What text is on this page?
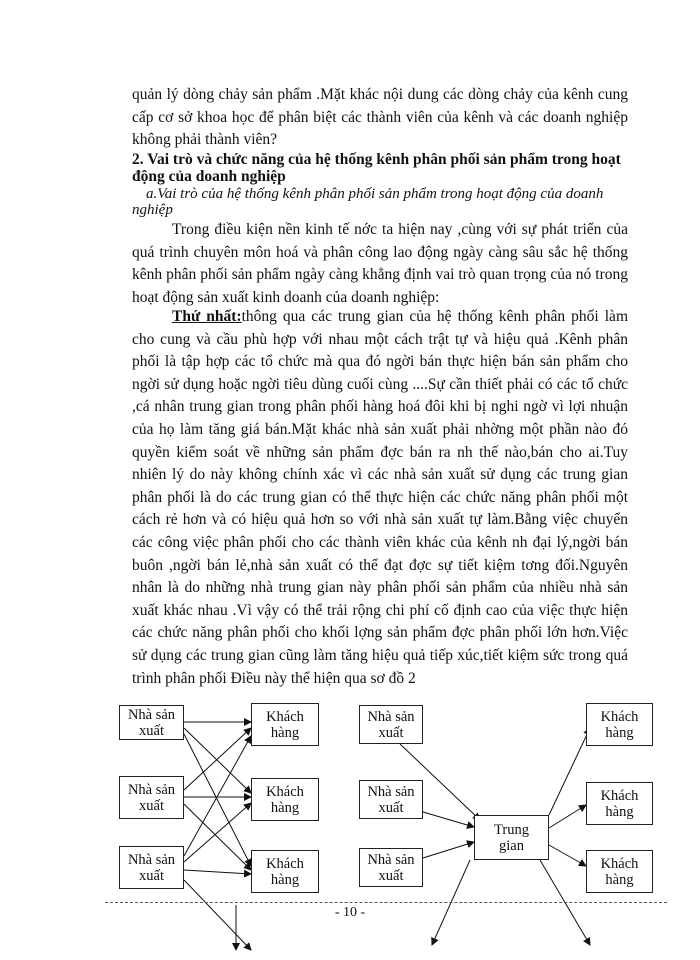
quản lý dòng chảy sản phẩm .Mặt khác nội dung các dòng chảy của kênh cung cấp cơ sở khoa học để phân biệt các thành viên của kênh và các doanh nghiệp không phải thành viên?

2. Vai trò và chức năng của hệ thống kênh phân phối sản phẩm trong hoạt động của doanh nghiệp

a.Vai trò của hệ thống kênh phân phối sản phẩm trong hoạt động của doanh nghiệp

Trong điều kiện nền kinh tế nớc ta hiện nay ,cùng với sự phát triển của quá trình chuyên môn hoá và phân công lao động ngày càng sâu sắc hệ thống kênh phân phối sản phẩm ngày càng khẳng định vai trò quan trọng của nó trong hoạt động sản xuất kinh doanh của doanh nghiệp:

Thứ nhất:thông qua các trung gian của hệ thống kênh phân phối làm cho cung và cầu phù hợp với nhau một cách trật tự và hiệu quả .Kênh phân phối là tập hợp các tổ chức mà qua đó ngời bán thực hiện bán sản phẩm cho ngời sử dụng hoặc ngời tiêu dùng cuối cùng ....Sự cần thiết phải có các tổ chức ,cá nhân trung gian trong phân phối hàng hoá đôi khi bị nghi ngờ vì lợi nhuận của họ làm tăng giá bán.Mặt khác nhà sản xuất phải nhờng một phần nào đó quyền kiểm soát về những sản phẩm đợc bán ra nh thế nào,bán cho ai.Tuy nhiên lý do này không chính xác vì các nhà sản xuất sử dụng các trung gian phân phối là do các trung gian có thể thực hiện các chức năng phân phối một cách rẻ hơn và có hiệu quả hơn so với nhà sản xuất tự làm.Bằng việc chuyển các công việc phân phối cho các thành viên khác của kênh nh đại lý,ngời bán buôn ,ngời bán lẻ,nhà sản xuất có thể đạt đợc sự tiết kiệm tơng đối.Nguyên nhân là do những nhà trung gian này phân phối sản phẩm của nhiều nhà sản xuất khác nhau .Vì vậy có thể trải rộng chi phí cố định cao của việc thực hiện các chức năng phân phối cho khối lợng sản phẩm đợc phân phối lớn hơn.Việc sử dụng các trung gian cũng làm tăng hiệu quả tiếp xúc,tiết kiệm sức trong quá trình phân phối Điều này thể hiện qua sơ đồ 2

Nhà sản
xuất
Nhà sản
xuất
Nhà sản
xuất
Khách
hàng
Khách
hàng
Khách
hàng
Nhà sản
xuất
Nhà sản
xuất
Nhà sản
xuất
Trung
gian
Khách
hàng
Khách
hàng
Khách
hàng
- 10 -
